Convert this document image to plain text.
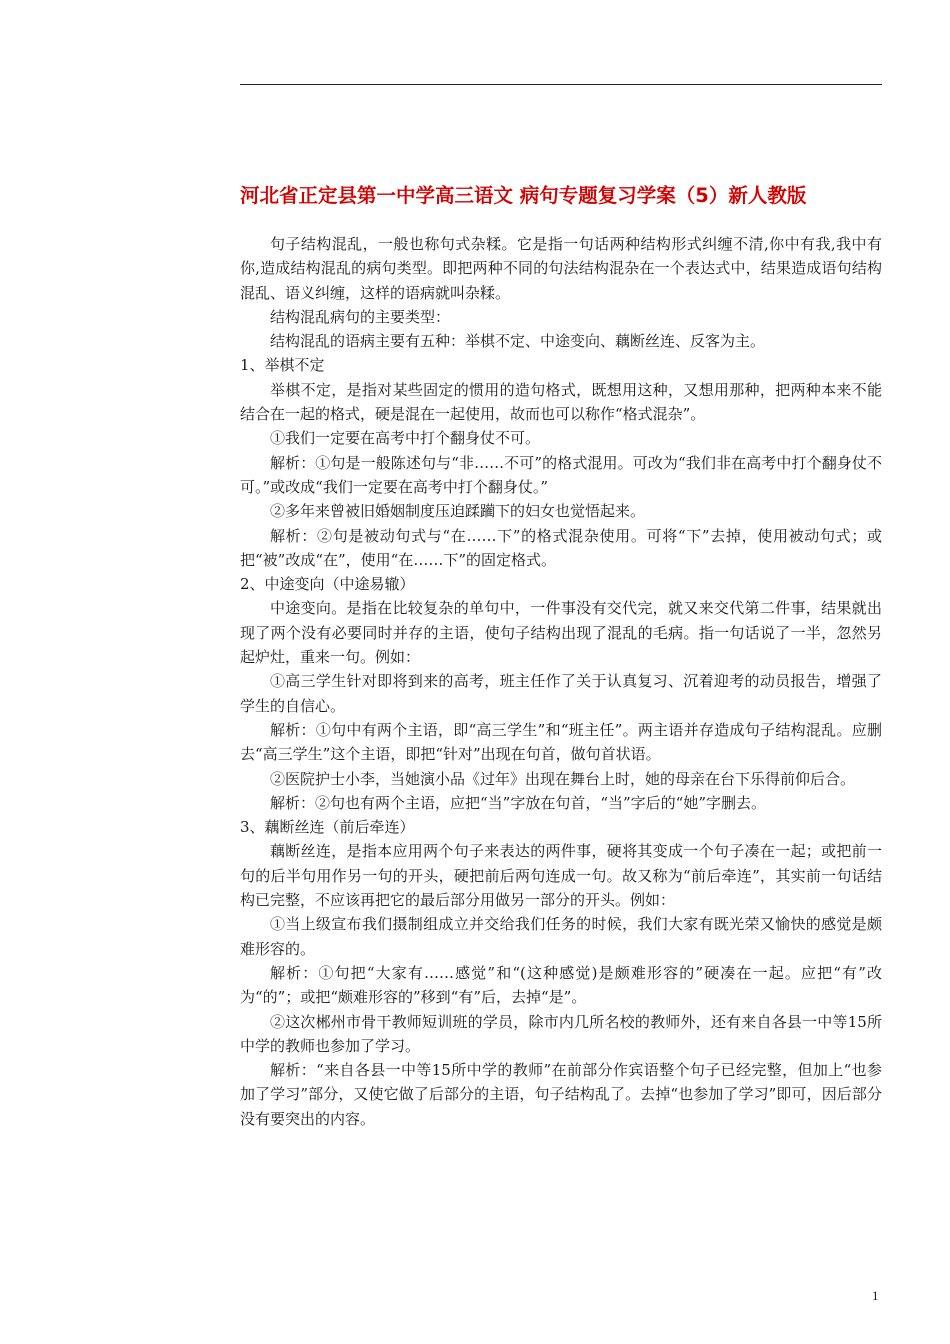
河北省正定县第一中学高三语文 病句专题复习学案（5）新人教版

句子结构混乱，一般也称句式杂糅。它是指一句话两种结构形式纠缠不清,你中有我,我中有你,造成结构混乱的病句类型。即把两种不同的句法结构混杂在一个表达式中，结果造成语句结构混乱、语义纠缠，这样的语病就叫杂糅。

结构混乱病句的主要类型：

结构混乱的语病主要有五种：举棋不定、中途变向、藕断丝连、反客为主。

1、举棋不定

举棋不定，是指对某些固定的惯用的造句格式，既想用这种，又想用那种，把两种本来不能结合在一起的格式，硬是混在一起使用，故而也可以称作“格式混杂”。

①我们一定要在高考中打个翻身仗不可。

解析：①句是一般陈述句与“非……不可”的格式混用。可改为“我们非在高考中打个翻身仗不可。”或改成“我们一定要在高考中打个翻身仗。”

②多年来曾被旧婚姻制度压迫蹂躏下的妇女也觉悟起来。

解析：②句是被动句式与“在……下”的格式混杂使用。可将“下”去掉，使用被动句式；或把“被”改成“在”，使用“在……下”的固定格式。

2、中途变向（中途易辙）

中途变向。是指在比较复杂的单句中，一件事没有交代完，就又来交代第二件事，结果就出现了两个没有必要同时并存的主语，使句子结构出现了混乱的毛病。指一句话说了一半，忽然另起炉灶，重来一句。例如：

①高三学生针对即将到来的高考，班主任作了关于认真复习、沉着迎考的动员报告，增强了学生的自信心。

解析：①句中有两个主语，即“高三学生”和“班主任”。两主语并存造成句子结构混乱。应删去“高三学生”这个主语，即把“针对”出现在句首，做句首状语。

②医院护士小李，当她演小品《过年》出现在舞台上时，她的母亲在台下乐得前仰后合。

解析：②句也有两个主语，应把“当”字放在句首，“当”字后的“她”字删去。

3、藕断丝连（前后牵连）

藕断丝连，是指本应用两个句子来表达的两件事，硬将其变成一个句子凑在一起；或把前一句的后半句用作另一句的开头，硬把前后两句连成一句。故又称为“前后牵连”，其实前一句话结构已完整，不应该再把它的最后部分用做另一部分的开头。例如：

①当上级宣布我们摄制组成立并交给我们任务的时候，我们大家有既光荣又愉快的感觉是颇难形容的。

解析：①句把“大家有……感觉”和“(这种感觉)是颇难形容的”硬凑在一起。应把“有”改为“的”；或把“颇难形容的”移到“有”后，去掉“是”。

②这次郴州市骨干教师短训班的学员，除市内几所名校的教师外，还有来自各县一中等15所中学的教师也参加了学习。

解析：“来自各县一中等15所中学的教师”在前部分作宾语整个句子已经完整，但加上“也参加了学习”部分，又使它做了后部分的主语，句子结构乱了。去掉“也参加了学习”即可，因后部分没有要突出的内容。

1
